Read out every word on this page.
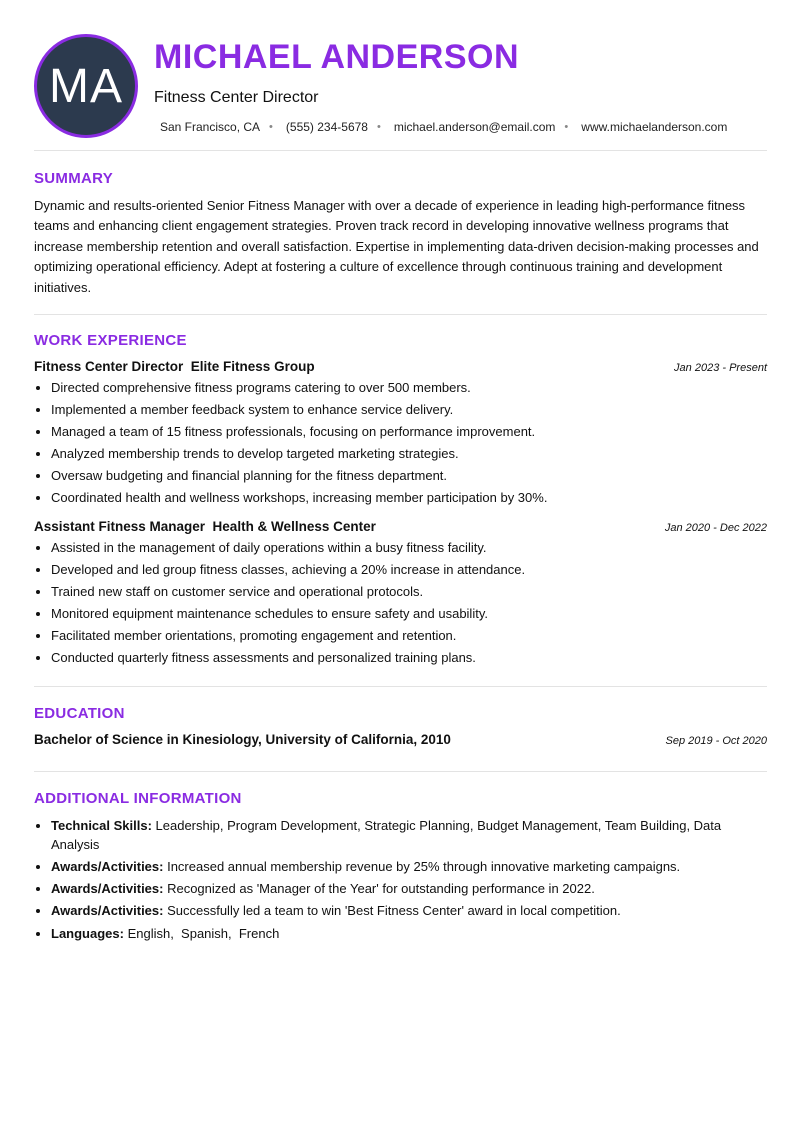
MA
MICHAEL ANDERSON
Fitness Center Director
San Francisco, CA • (555) 234-5678 • michael.anderson@email.com • www.michaelanderson.com
SUMMARY

Dynamic and results-oriented Senior Fitness Manager with over a decade of experience in leading high-performance fitness teams and enhancing client engagement strategies. Proven track record in developing innovative wellness programs that increase membership retention and overall satisfaction. Expertise in implementing data-driven decision-making processes and optimizing operational efficiency. Adept at fostering a culture of excellence through continuous training and development initiatives.

WORK EXPERIENCE
Fitness Center Director  Elite Fitness Group	Jan 2023 - Present
• Directed comprehensive fitness programs catering to over 500 members.
• Implemented a member feedback system to enhance service delivery.
• Managed a team of 15 fitness professionals, focusing on performance improvement.
• Analyzed membership trends to develop targeted marketing strategies.
• Oversaw budgeting and financial planning for the fitness department.
• Coordinated health and wellness workshops, increasing member participation by 30%.
Assistant Fitness Manager  Health & Wellness Center	Jan 2020 - Dec 2022
• Assisted in the management of daily operations within a busy fitness facility.
• Developed and led group fitness classes, achieving a 20% increase in attendance.
• Trained new staff on customer service and operational protocols.
• Monitored equipment maintenance schedules to ensure safety and usability.
• Facilitated member orientations, promoting engagement and retention.
• Conducted quarterly fitness assessments and personalized training plans.
EDUCATION
Bachelor of Science in Kinesiology, University of California, 2010	Sep 2019 - Oct 2020
ADDITIONAL INFORMATION
• Technical Skills: Leadership, Program Development, Strategic Planning, Budget Management, Team Building, Data Analysis
• Awards/Activities: Increased annual membership revenue by 25% through innovative marketing campaigns.
• Awards/Activities: Recognized as 'Manager of the Year' for outstanding performance in 2022.
• Awards/Activities: Successfully led a team to win 'Best Fitness Center' award in local competition.
• Languages: English,  Spanish,  French
